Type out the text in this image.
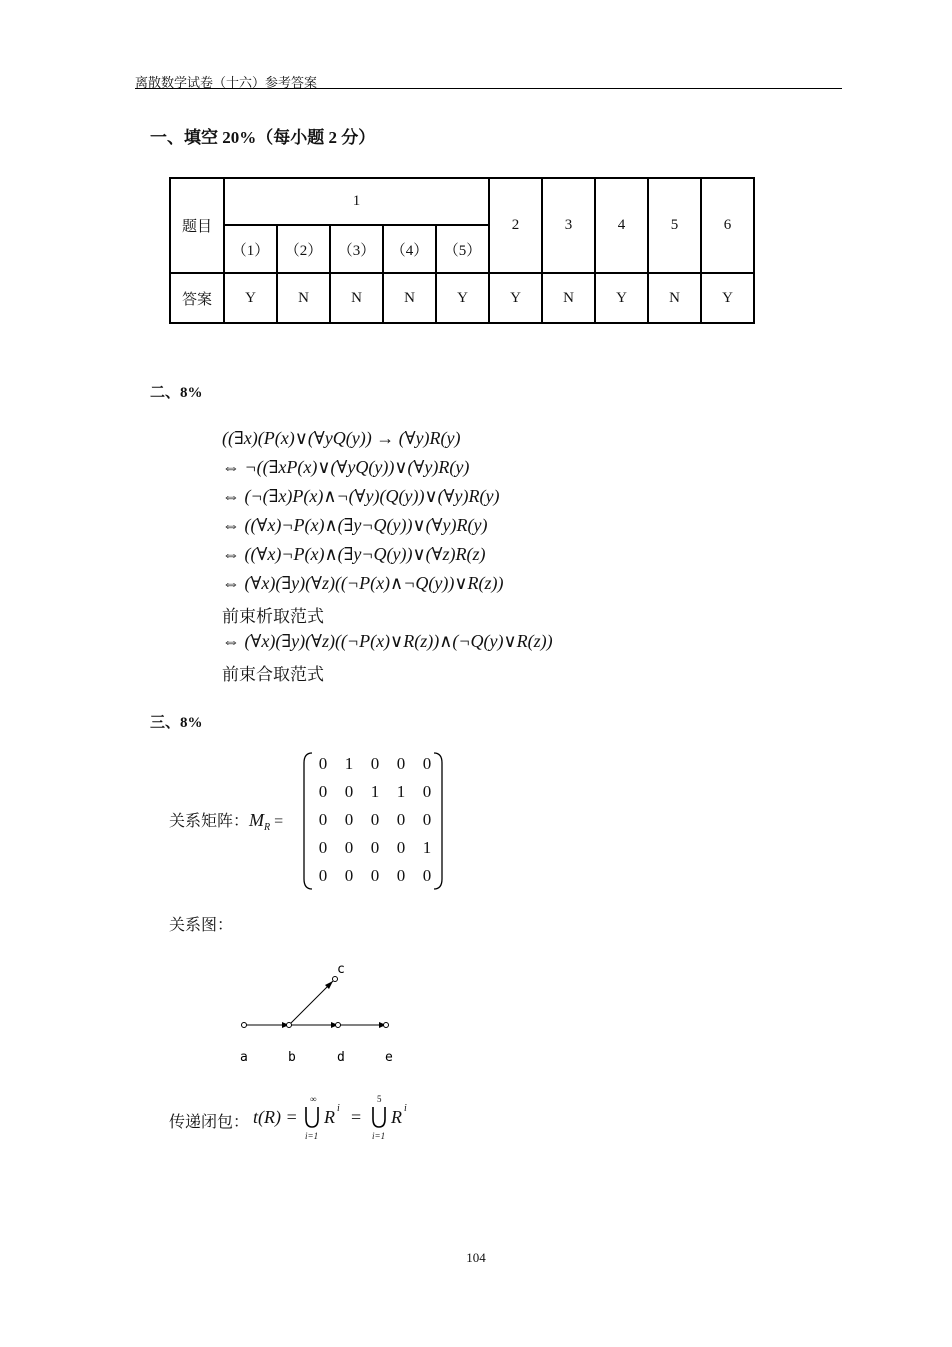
离散数学试卷（十六）参考答案
一、填空 20%（每小题 2 分）
题目	1					2	3	4	5	6
	（1）	（2）	（3）	（4）	（5）					
答案	Y	N	N	N	Y	Y	N	Y	N	Y
二、8%
((∃x)(P(x)∨(∀yQ(y)) → (∀y)R(y)
⇔ ¬((∃xP(x)∨(∀yQ(y))∨(∀y)R(y)
⇔ (¬(∃x)P(x)∧¬(∀y)(Q(y))∨(∀y)R(y)
⇔ ((∀x)¬P(x)∧(∃y¬Q(y))∨(∀y)R(y)
⇔ ((∀x)¬P(x)∧(∃y¬Q(y))∨(∀z)R(z)
⇔ (∀x)(∃y)(∀z)((¬P(x)∧¬Q(y))∨R(z))
前束析取范式
⇔ (∀x)(∃y)(∀z)((¬P(x)∨R(z))∧(¬Q(y)∨R(z))
前束合取范式
三、8%
关系矩阵：$M_R$ =
0	1	0	0	0
0	0	1	1	0
0	0	0	0	0
0	0	0	0	1
0	0	0	0	0
关系图：
a	b
c
d	e
传递闭包： t(R) =
∞
i=1
R i =
5
i=1
R i
104
